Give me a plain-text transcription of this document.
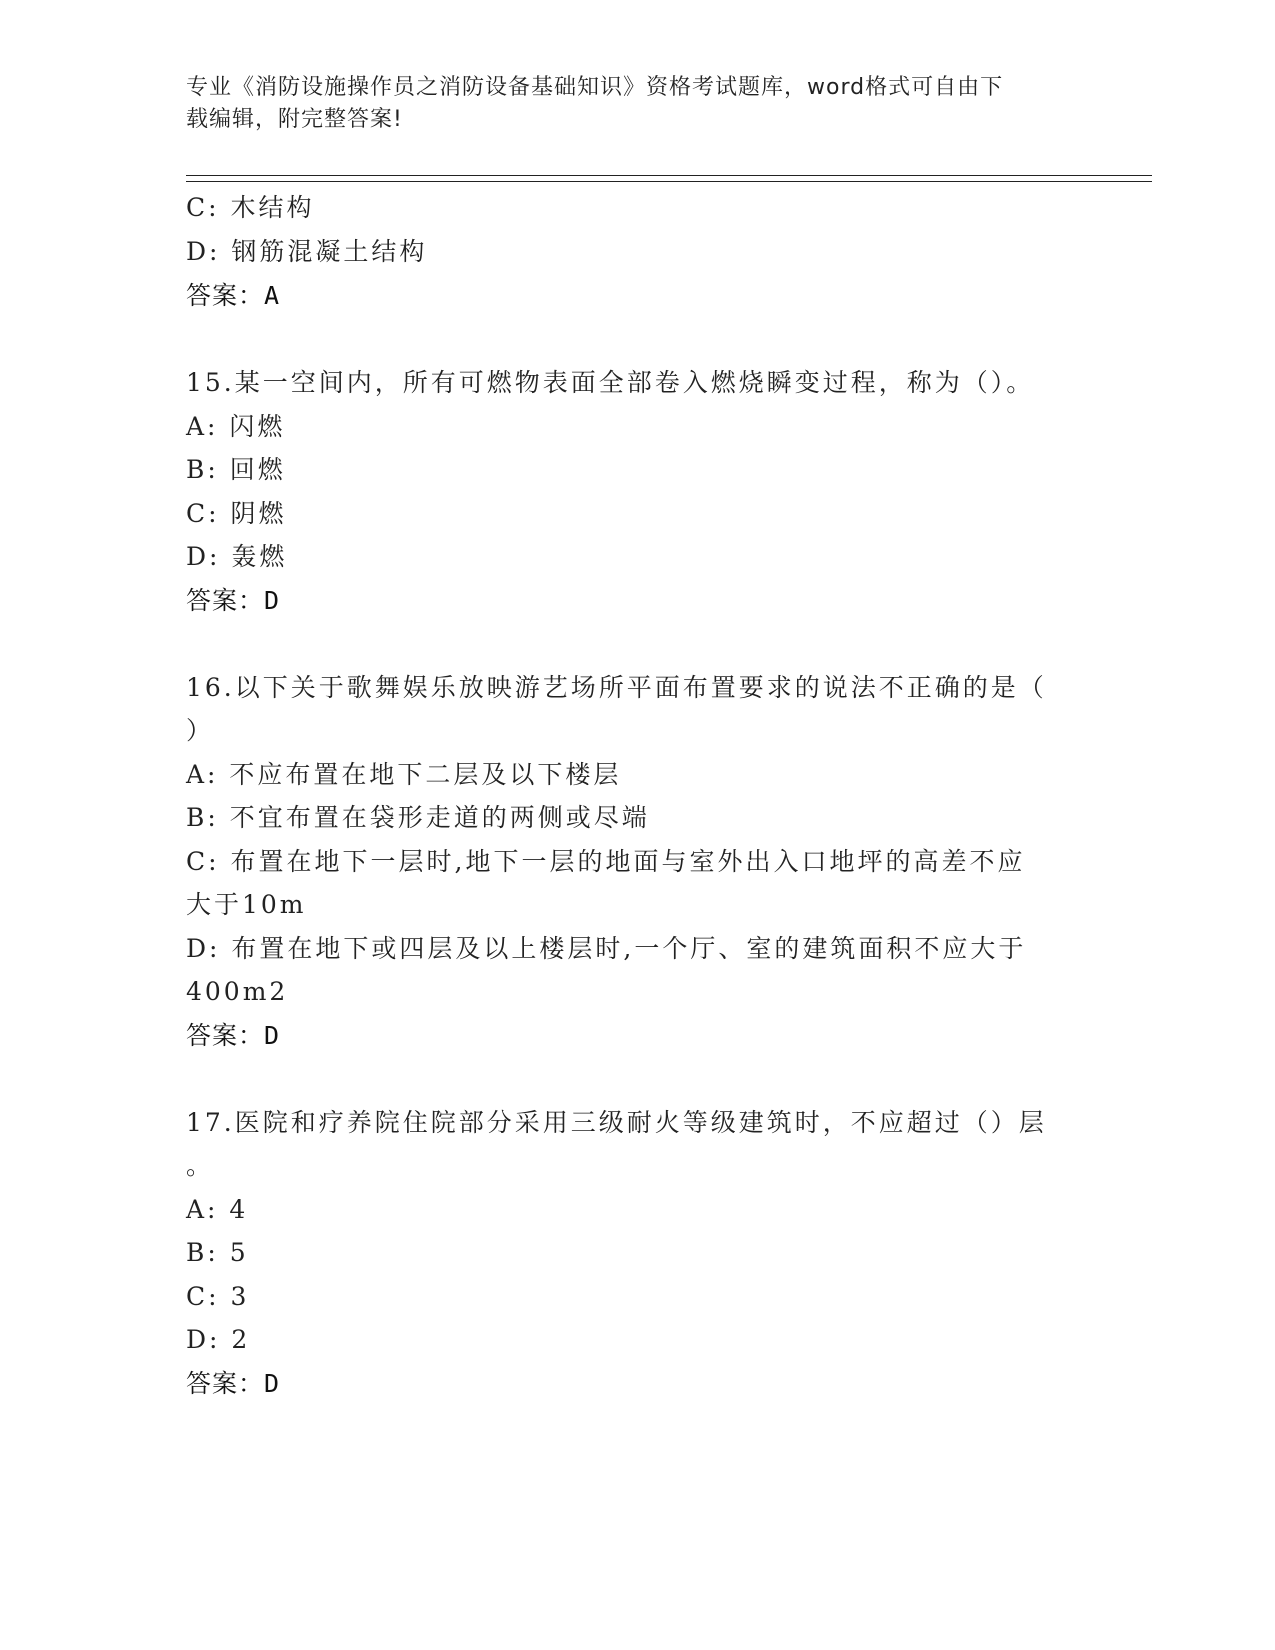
专业《消防设施操作员之消防设备基础知识》资格考试题库，word格式可自由下
载编辑，附完整答案!
C: 木结构
D: 钢筋混凝土结构
答案：A
15.某一空间内，所有可燃物表面全部卷入燃烧瞬变过程，称为（）。
A: 闪燃
B: 回燃
C: 阴燃
D: 轰燃
答案：D
16.以下关于歌舞娱乐放映游艺场所平面布置要求的说法不正确的是（
）
A: 不应布置在地下二层及以下楼层
B: 不宜布置在袋形走道的两侧或尽端
C: 布置在地下一层时,地下一层的地面与室外出入口地坪的高差不应
大于10m
D: 布置在地下或四层及以上楼层时,一个厅、室的建筑面积不应大于
400m2
答案：D
17.医院和疗养院住院部分采用三级耐火等级建筑时，不应超过（）层
。
A: 4
B: 5
C: 3
D: 2
答案：D
